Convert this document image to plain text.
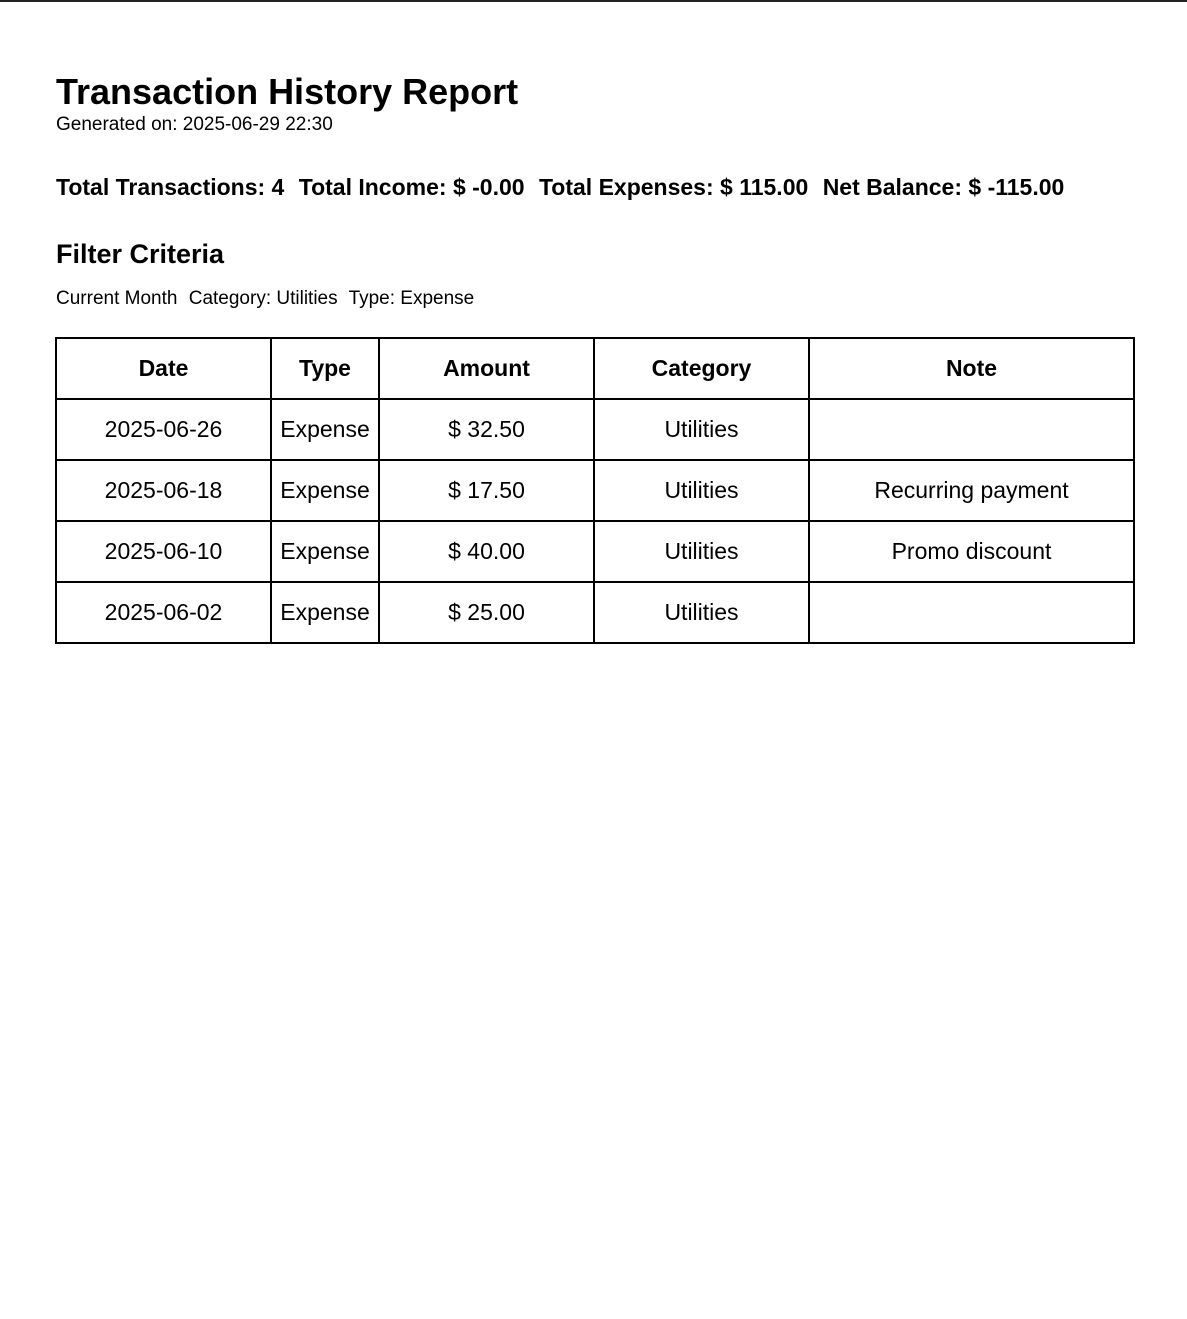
Transaction History Report
Generated on: 2025-06-29 22:30
Total Transactions: 4 Total Income: $ -0.00 Total Expenses: $ 115.00 Net Balance: $ -115.00
Filter Criteria
Current Month Category: Utilities Type: Expense
Date	Type	Amount	Category	Note
2025-06-26	Expense	$ 32.50	Utilities	
2025-06-18	Expense	$ 17.50	Utilities	Recurring payment
2025-06-10	Expense	$ 40.00	Utilities	Promo discount
2025-06-02	Expense	$ 25.00	Utilities	
